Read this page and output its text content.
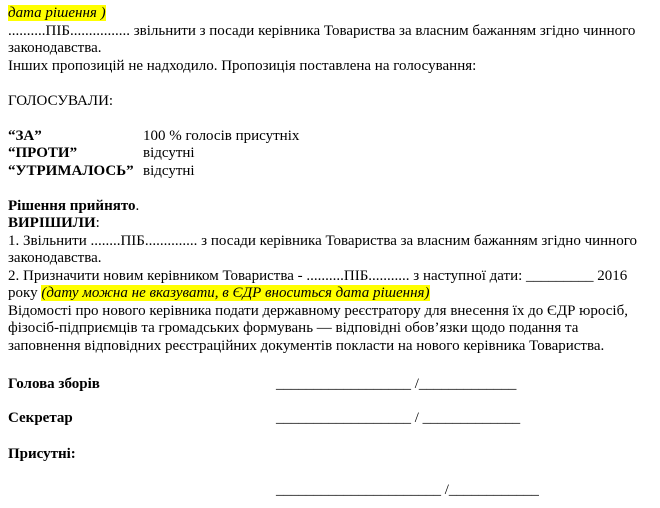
дата рішення )
..........ПІБ................ звільнити з посади керівника Товариства за власним бажанням згідно чинного
законодавства.
Інших пропозицій не надходило. Пропозиція поставлена на голосування:
ГОЛОСУВАЛИ:
“ЗА”	100 % голосів присутніх
“ПРОТИ”	відсутні
“УТРИМАЛОСЬ” відсутні
Рішення прийнято.
ВИРІШИЛИ:
1. Звільнити ........ПІБ.............. з посади керівника Товариства за власним бажанням згідно чинного
законодавства.
2. Призначити новим керівником Товариства - ..........ПІБ........... з наступної дати: _________ 2016
року (дату можна не вказувати, в ЄДР вноситься дата рішення)
Відомості про нового керівника подати державному реєстратору для внесення їх до ЄДР юросіб,
фізосіб-підприємців та громадських формувань — відповідні обов’язки щодо подання та
заповнення відповідних реєстраційних документів покласти на нового керівника Товариства.
Голова зборів	__________________ /_____________
Секретар	__________________ / _____________
Присутні:
______________________ /____________
